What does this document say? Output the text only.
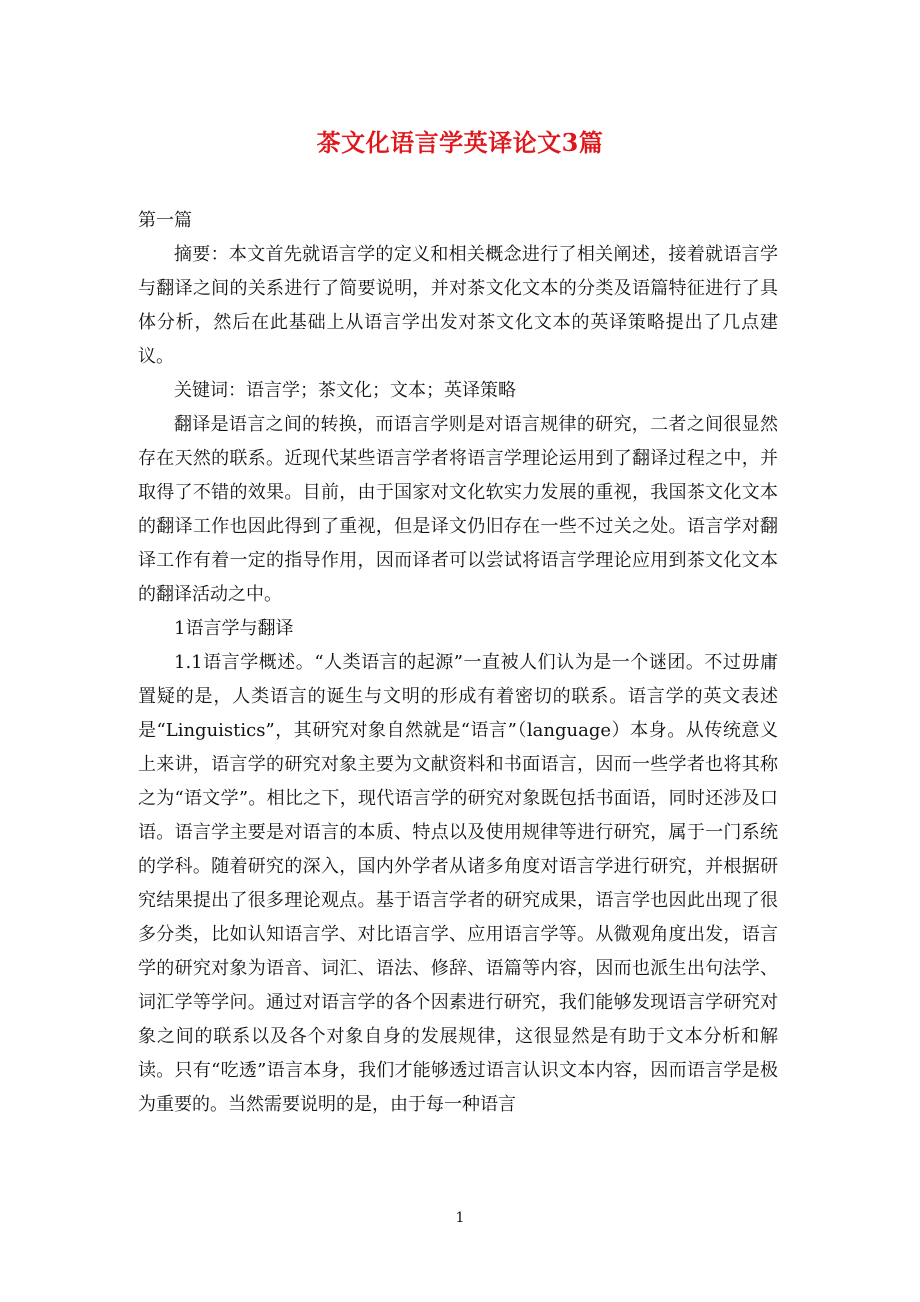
茶文化语言学英译论文3篇

第一篇

摘要：本文首先就语言学的定义和相关概念进行了相关阐述，接着就语言学与翻译之间的关系进行了简要说明，并对茶文化文本的分类及语篇特征进行了具体分析，然后在此基础上从语言学出发对茶文化文本的英译策略提出了几点建议。

关键词：语言学；茶文化；文本；英译策略

翻译是语言之间的转换，而语言学则是对语言规律的研究，二者之间很显然存在天然的联系。近现代某些语言学者将语言学理论运用到了翻译过程之中，并取得了不错的效果。目前，由于国家对文化软实力发展的重视，我国茶文化文本的翻译工作也因此得到了重视，但是译文仍旧存在一些不过关之处。语言学对翻译工作有着一定的指导作用，因而译者可以尝试将语言学理论应用到茶文化文本的翻译活动之中。

1语言学与翻译

1.1语言学概述。“人类语言的起源”一直被人们认为是一个谜团。不过毋庸置疑的是，人类语言的诞生与文明的形成有着密切的联系。语言学的英文表述是“Linguistics”，其研究对象自然就是“语言”（language）本身。从传统意义上来讲，语言学的研究对象主要为文献资料和书面语言，因而一些学者也将其称之为“语文学”。相比之下，现代语言学的研究对象既包括书面语，同时还涉及口语。语言学主要是对语言的本质、特点以及使用规律等进行研究，属于一门系统的学科。随着研究的深入，国内外学者从诸多角度对语言学进行研究，并根据研究结果提出了很多理论观点。基于语言学者的研究成果，语言学也因此出现了很多分类，比如认知语言学、对比语言学、应用语言学等。从微观角度出发，语言学的研究对象为语音、词汇、语法、修辞、语篇等内容，因而也派生出句法学、词汇学等学问。通过对语言学的各个因素进行研究，我们能够发现语言学研究对象之间的联系以及各个对象自身的发展规律，这很显然是有助于文本分析和解读。只有“吃透”语言本身，我们才能够透过语言认识文本内容，因而语言学是极为重要的。当然需要说明的是，由于每一种语言

1
